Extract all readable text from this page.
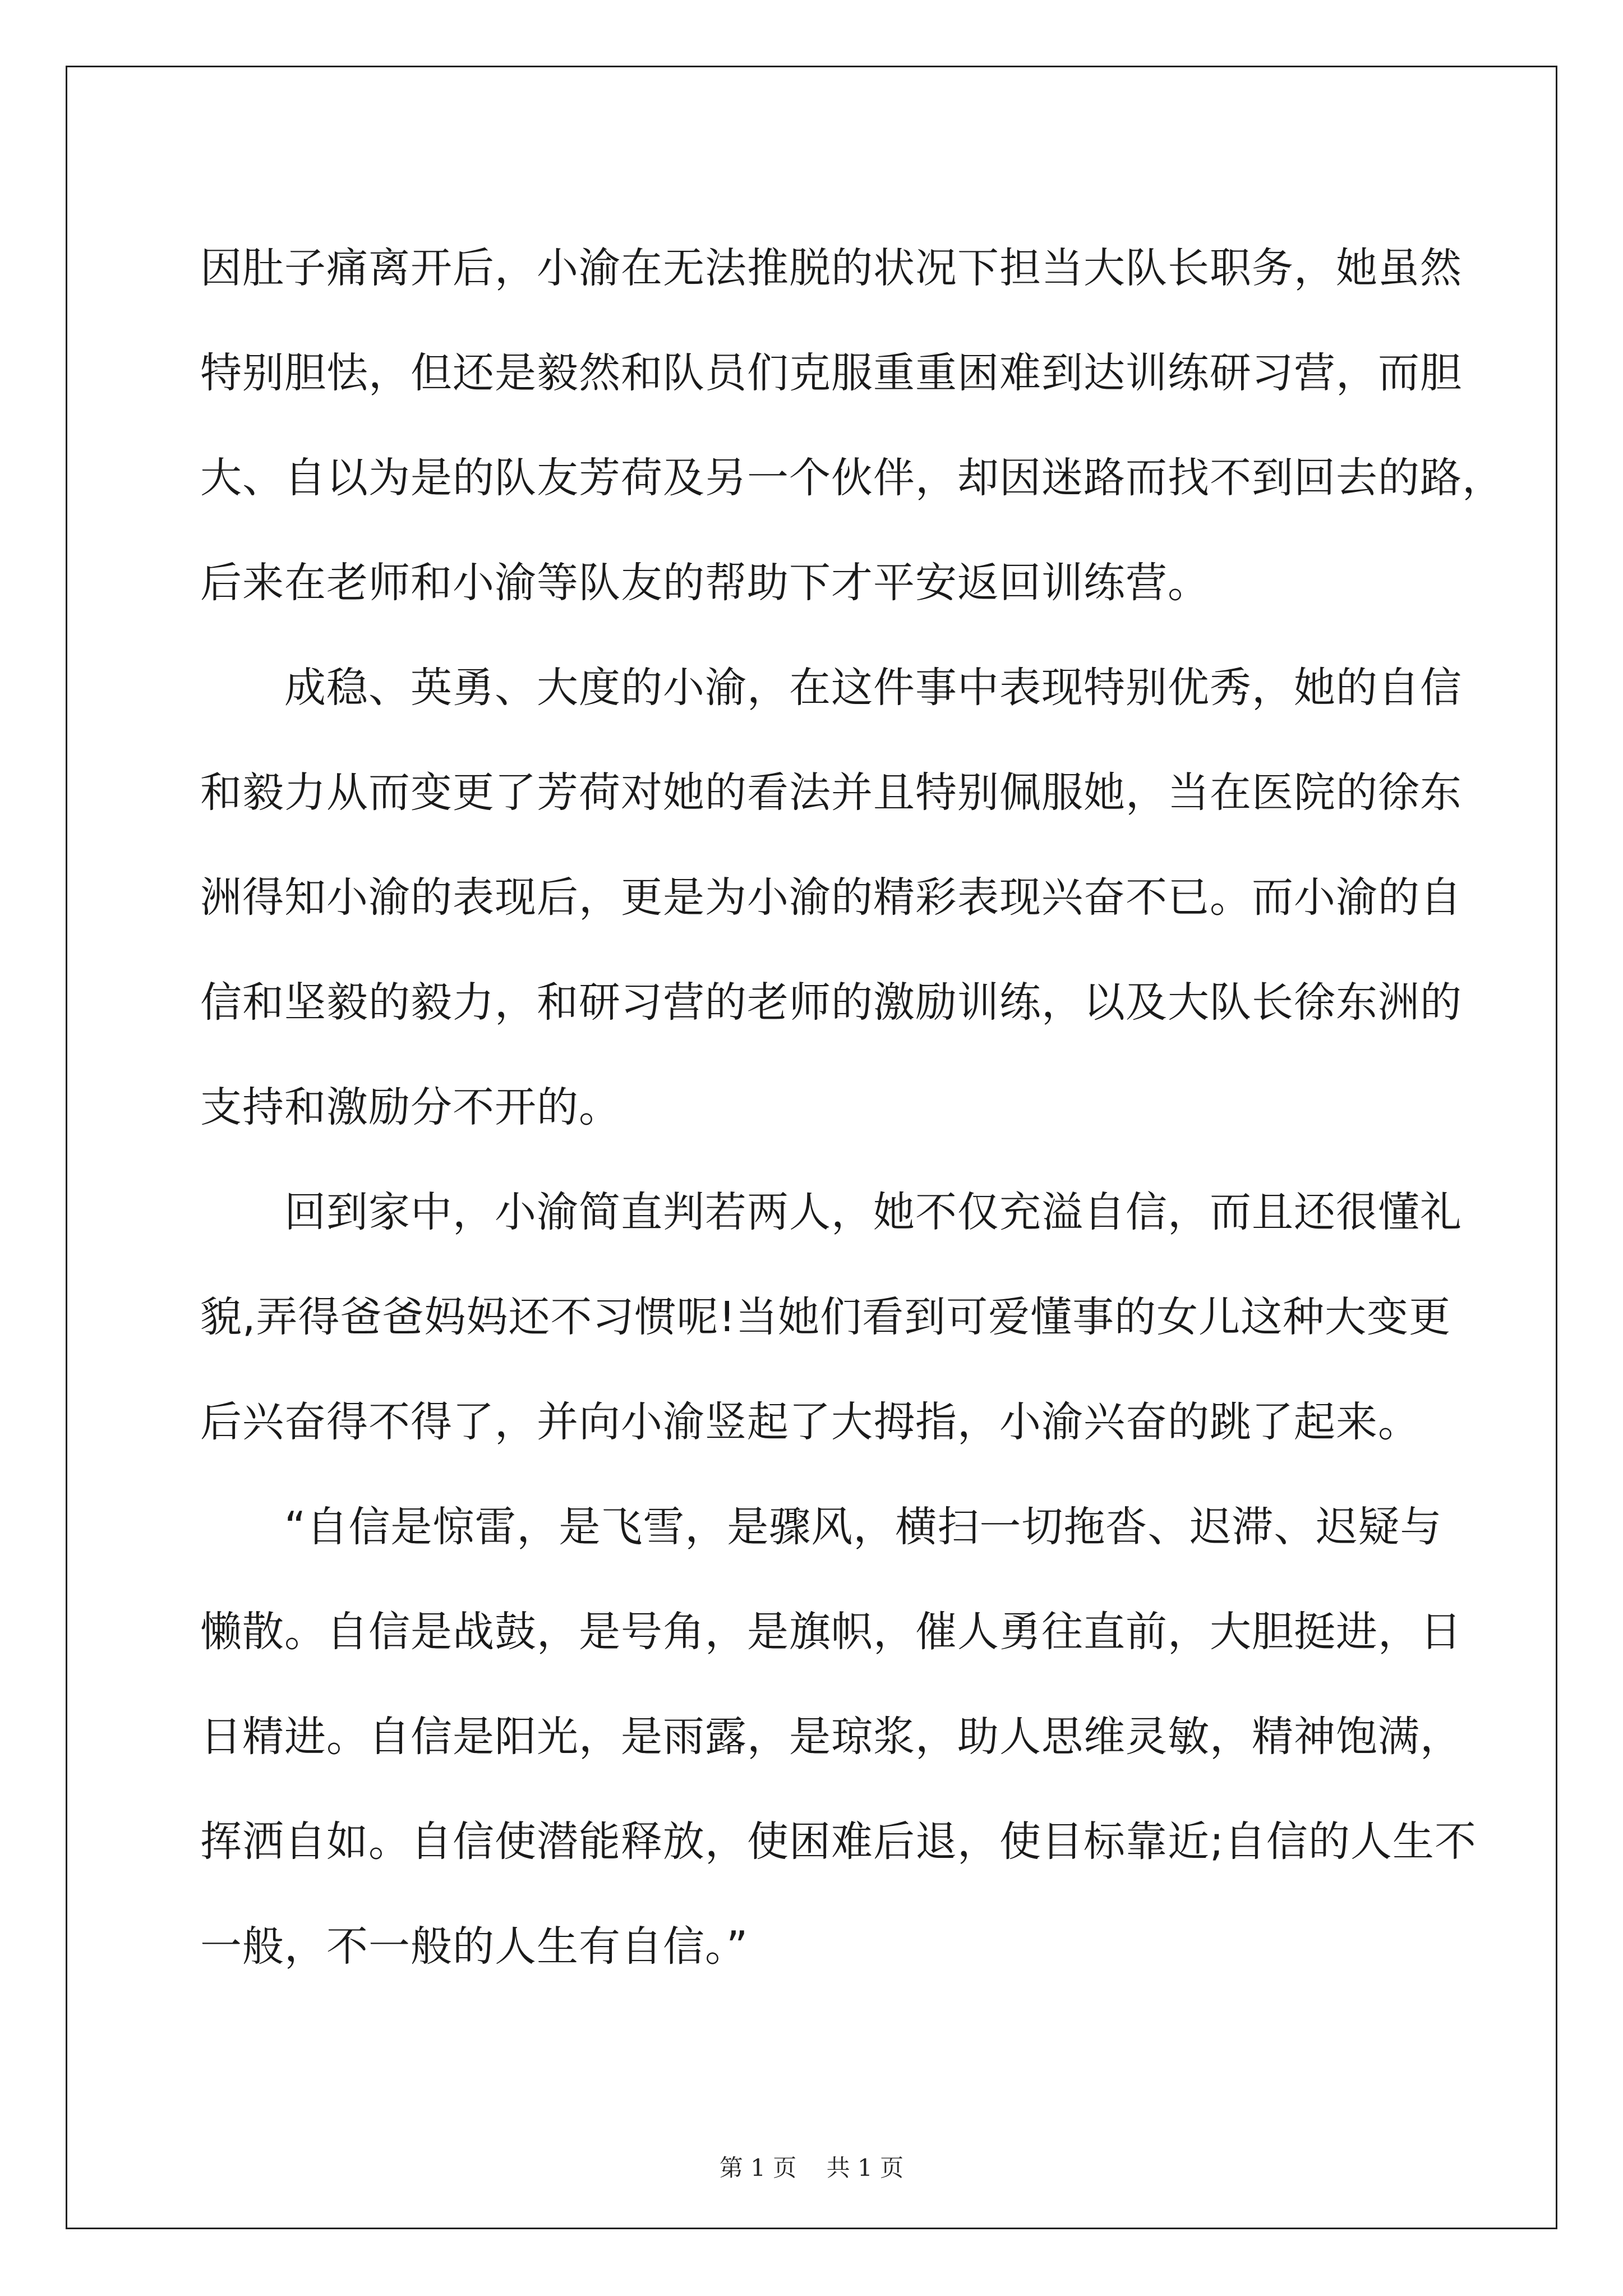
因肚子痛离开后，小渝在无法推脱的状况下担当大队长职务，她虽然
特别胆怯，但还是毅然和队员们克服重重困难到达训练研习营，而胆
大、自以为是的队友芳荷及另一个伙伴，却因迷路而找不到回去的路，
后来在老师和小渝等队友的帮助下才平安返回训练营。
成稳、英勇、大度的小渝，在这件事中表现特别优秀，她的自信
和毅力从而变更了芳荷对她的看法并且特别佩服她，当在医院的徐东
洲得知小渝的表现后，更是为小渝的精彩表现兴奋不已。而小渝的自
信和坚毅的毅力，和研习营的老师的激励训练，以及大队长徐东洲的
支持和激励分不开的。
回到家中，小渝简直判若两人，她不仅充溢自信，而且还很懂礼
貌,弄得爸爸妈妈还不习惯呢!当她们看到可爱懂事的女儿这种大变更
后兴奋得不得了，并向小渝竖起了大拇指，小渝兴奋的跳了起来。
“自信是惊雷，是飞雪，是骤风，横扫一切拖沓、迟滞、迟疑与
懒散。自信是战鼓，是号角，是旗帜，催人勇往直前，大胆挺进，日
日精进。自信是阳光，是雨露，是琼浆，助人思维灵敏，精神饱满，
挥洒自如。自信使潜能释放，使困难后退，使目标靠近;自信的人生不
一般，不一般的人生有自信。”
第 1 页 共 1 页
